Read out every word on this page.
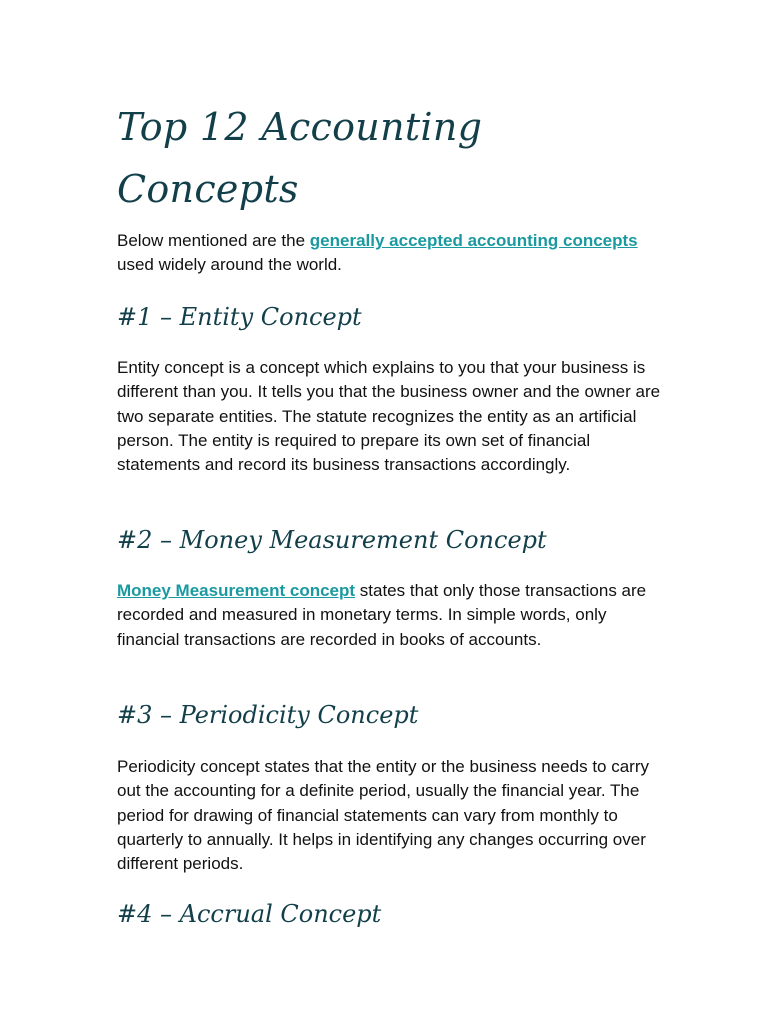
Top 12 Accounting
Concepts

Below mentioned are the generally accepted accounting concepts used widely around the world.

#1 – Entity Concept

Entity concept is a concept which explains to you that your business is different than you. It tells you that the business owner and the owner are two separate entities. The statute recognizes the entity as an artificial person. The entity is required to prepare its own set of financial statements and record its business transactions accordingly.

#2 – Money Measurement Concept

Money Measurement concept states that only those transactions are recorded and measured in monetary terms. In simple words, only financial transactions are recorded in books of accounts.

#3 – Periodicity Concept

Periodicity concept states that the entity or the business needs to carry out the accounting for a definite period, usually the financial year. The period for drawing of financial statements can vary from monthly to quarterly to annually. It helps in identifying any changes occurring over different periods.

#4 – Accrual Concept
